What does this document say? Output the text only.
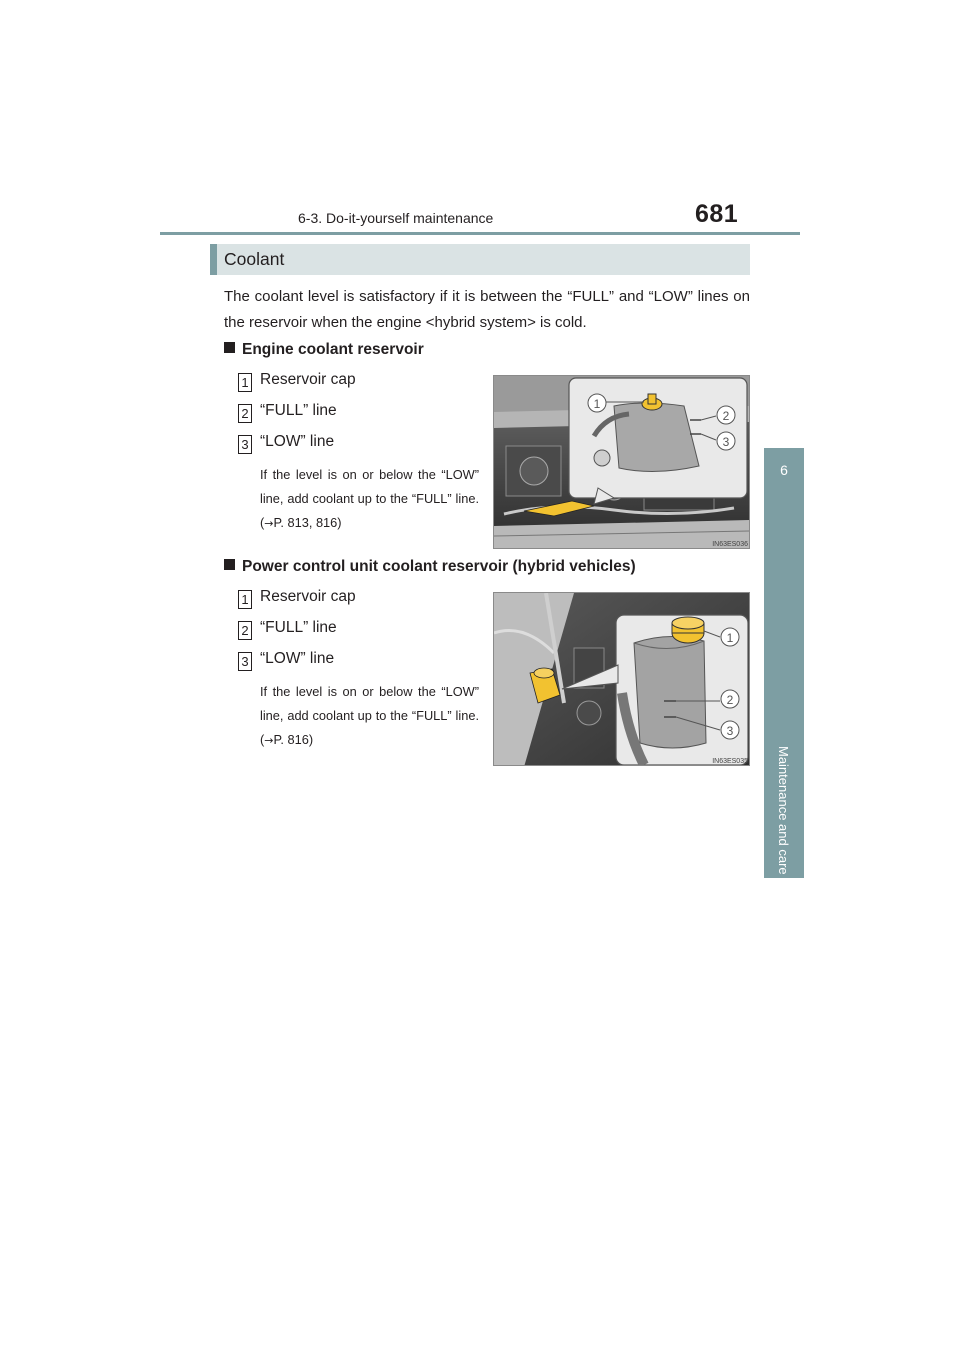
6-3. Do-it-yourself maintenance	681
6
Maintenance and care
Coolant

The coolant level is satisfactory if it is between the “FULL” and “LOW” lines on the reservoir when the engine <hybrid system> is cold.

Engine coolant reservoir
1 Reservoir cap
2 “FULL” line
3 “LOW” line

If the level is on or below the “LOW” line, add coolant up to the “FULL” line. (→P. 813, 816)

1
2
3
IN63ES036
Power control unit coolant reservoir (hybrid vehicles)
1 Reservoir cap
2 “FULL” line
3 “LOW” line

If the level is on or below the “LOW” line, add coolant up to the “FULL” line. (→P. 816)

1
2
3
IN63ES035
